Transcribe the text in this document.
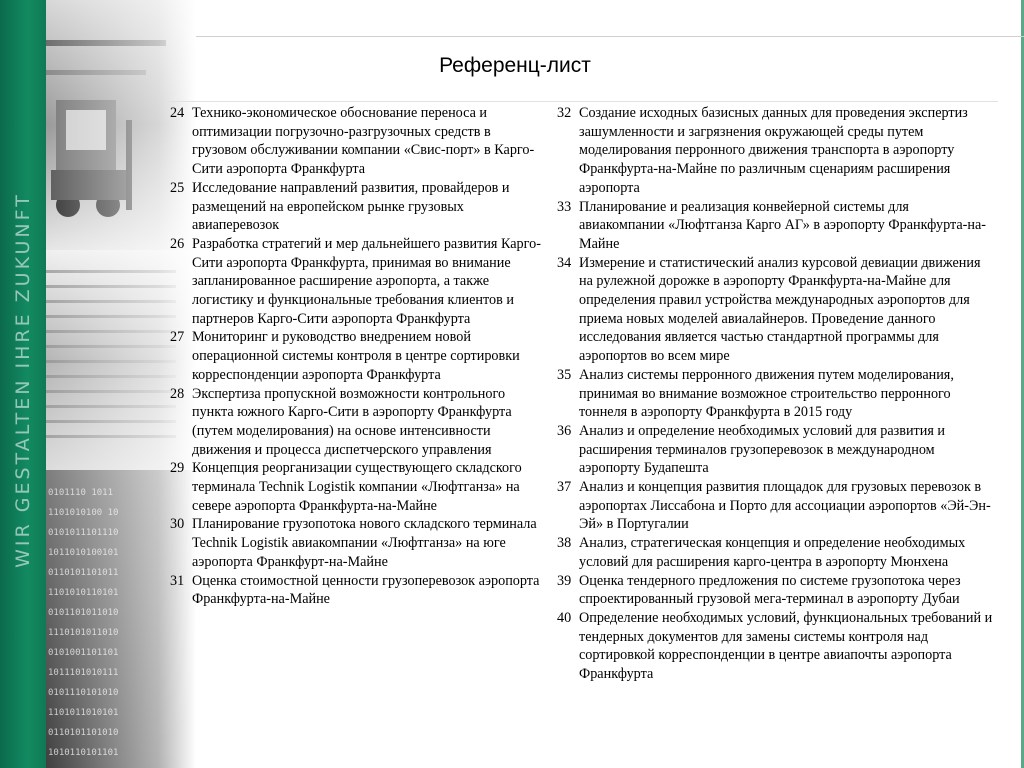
WIR GESTALTEN IHRE ZUKUNFT
Референц-лист
24 Технико-экономическое обоснование переноса и оптимизации погрузочно-разгрузочных средств в грузовом обслуживании компании «Свис-порт» в Карго-Сити аэропорта Франкфурта
25 Исследование направлений развития, провайдеров и размещений на европейском рынке грузовых авиаперевозок
26 Разработка стратегий и мер дальнейшего развития Карго-Сити аэропорта Франкфурта, принимая во внимание запланированное расширение аэропорта, а также логистику и функциональные требования клиентов и партнеров Карго-Сити аэропорта Франкфурта
27 Мониторинг и руководство внедрением новой операционной системы контроля в центре сортировки корреспонденции аэропорта Франкфурта
28 Экспертиза пропускной возможности контрольного пункта южного Карго-Сити в аэропорту Франкфурта (путем моделирования) на основе интенсивности движения и процесса диспетчерского управления
29 Концепция реорганизации существующего складского терминала Technik Logistik компании «Люфтганза» на севере аэропорта Франкфурта-на-Майне
30 Планирование грузопотока нового складского терминала Technik Logistik авиакомпании «Люфтганза» на юге аэропорта Франкфурт-на-Майне
31 Оценка стоимостной ценности грузоперевозок аэропорта Франкфурта-на-Майне
32 Создание исходных базисных данных для проведения экспертиз зашумленности и загрязнения окружающей среды путем моделирования перронного движения транспорта в аэропорту Франкфурта-на-Майне по различным сценариям расширения аэропорта
33 Планирование и реализация конвейерной системы для авиакомпании «Люфтганза Карго АГ» в аэропорту Франкфурта-на-Майне
34 Измерение и статистический анализ курсовой девиации движения на рулежной дорожке в аэропорту Франкфурта-на-Майне для определения правил устройства международных аэропортов для приема новых моделей авиалайнеров. Проведение данного исследования является частью стандартной программы для аэропортов во всем мире
35 Анализ системы перронного движения путем моделирования, принимая во внимание возможное строительство перронного тоннеля в аэропорту Франкфурта в 2015 году
36 Анализ и определение необходимых условий для развития и расширения терминалов грузоперевозок в международном аэропорту Будапешта
37 Анализ и концепция развития площадок для грузовых перевозок в аэропортах Лиссабона и Порто для ассоциации аэропортов «Эй-Эн-Эй» в Португалии
38 Анализ, стратегическая концепция и определение необходимых условий для расширения карго-центра в аэропорту Мюнхена
39 Оценка тендерного предложения по системе грузопотока через спроектированный грузовой мега-терминал в аэропорту Дубаи
40 Определение необходимых условий, функциональных требований и тендерных документов для замены системы контроля над сортировкой корреспонденции в центре авиапочты аэропорта Франкфурта
